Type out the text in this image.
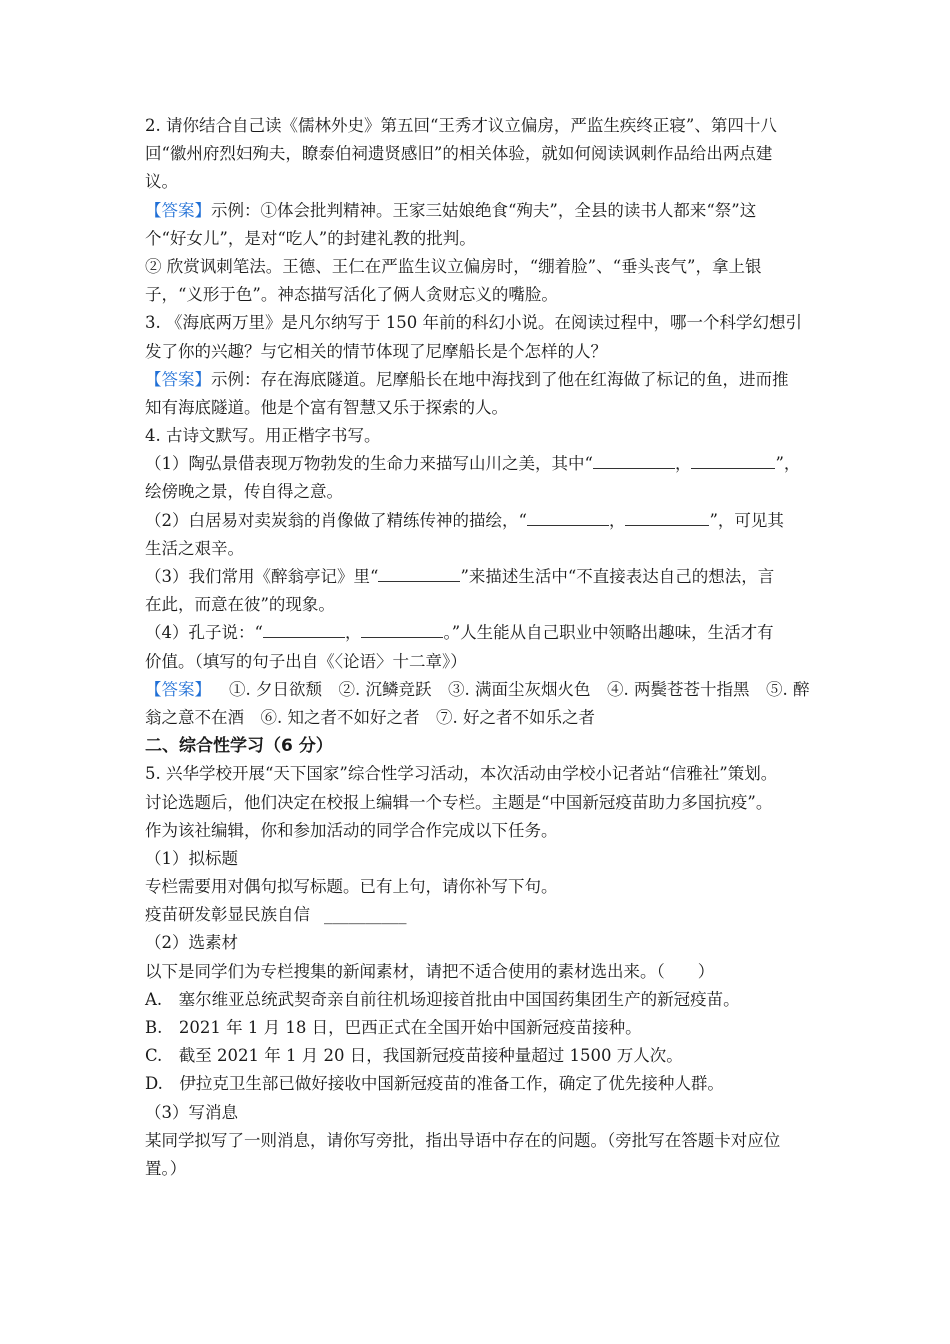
2. 请你结合自己读《儒林外史》第五回“王秀才议立偏房，严监生疾终正寝”、第四十八
回“徽州府烈妇殉夫，瞭泰伯祠遗贤感旧”的相关体验，就如何阅读讽刺作品给出两点建
议。
【答案】示例：①体会批判精神。王家三姑娘绝食“殉夫”，全县的读书人都来“祭”这
个“好女儿”，是对“吃人”的封建礼教的批判。
② 欣赏讽刺笔法。王德、王仁在严监生议立偏房时，“绷着脸”、“垂头丧气”，拿上银
子，“义形于色”。神态描写活化了俩人贪财忘义的嘴脸。
3. 《海底两万里》是凡尔纳写于 150 年前的科幻小说。在阅读过程中，哪一个科学幻想引
发了你的兴趣？与它相关的情节体现了尼摩船长是个怎样的人？
【答案】示例：存在海底隧道。尼摩船长在地中海找到了他在红海做了标记的鱼，进而推
知有海底隧道。他是个富有智慧又乐于探索的人。
4. 古诗文默写。用正楷字书写。
（1）陶弘景借表现万物勃发的生命力来描写山川之美，其中“	，	”，
绘傍晚之景，传自得之意。
（2）白居易对卖炭翁的肖像做了精练传神的描绘，“	，	”，可见其
生活之艰辛。
（3）我们常用《醉翁亭记》里“	”来描述生活中“不直接表达自己的想法，言
在此，而意在彼”的现象。
（4）孔子说：“	，	。”人生能从自己职业中领略出趣味，生活才有
价值。（填写的句子出自《〈论语〉十二章》）
【答案】 ①. 夕日欲颓　②. 沉鳞竞跃　③. 满面尘灰烟火色　④. 两鬓苍苍十指黑　⑤. 醉
翁之意不在酒　⑥. 知之者不如好之者　⑦. 好之者不如乐之者
二、综合性学习（6 分）
5. 兴华学校开展“天下国家”综合性学习活动，本次活动由学校小记者站“信雅社”策划。
讨论选题后，他们决定在校报上编辑一个专栏。主题是“中国新冠疫苗助力多国抗疫”。
作为该社编辑，你和参加活动的同学合作完成以下任务。
（1）拟标题
专栏需要用对偶句拟写标题。已有上句，请你补写下句。
疫苗研发彰显民族自信 __________
（2）选素材
以下是同学们为专栏搜集的新闻素材，请把不适合使用的素材选出来。（　　）
A.　塞尔维亚总统武契奇亲自前往机场迎接首批由中国国药集团生产的新冠疫苗。
B.　2021 年 1 月 18 日，巴西正式在全国开始中国新冠疫苗接种。
C.　截至 2021 年 1 月 20 日，我国新冠疫苗接种量超过 1500 万人次。
D.　伊拉克卫生部已做好接收中国新冠疫苗的准备工作，确定了优先接种人群。
（3）写消息
某同学拟写了一则消息，请你写旁批，指出导语中存在的问题。（旁批写在答题卡对应位
置。）
